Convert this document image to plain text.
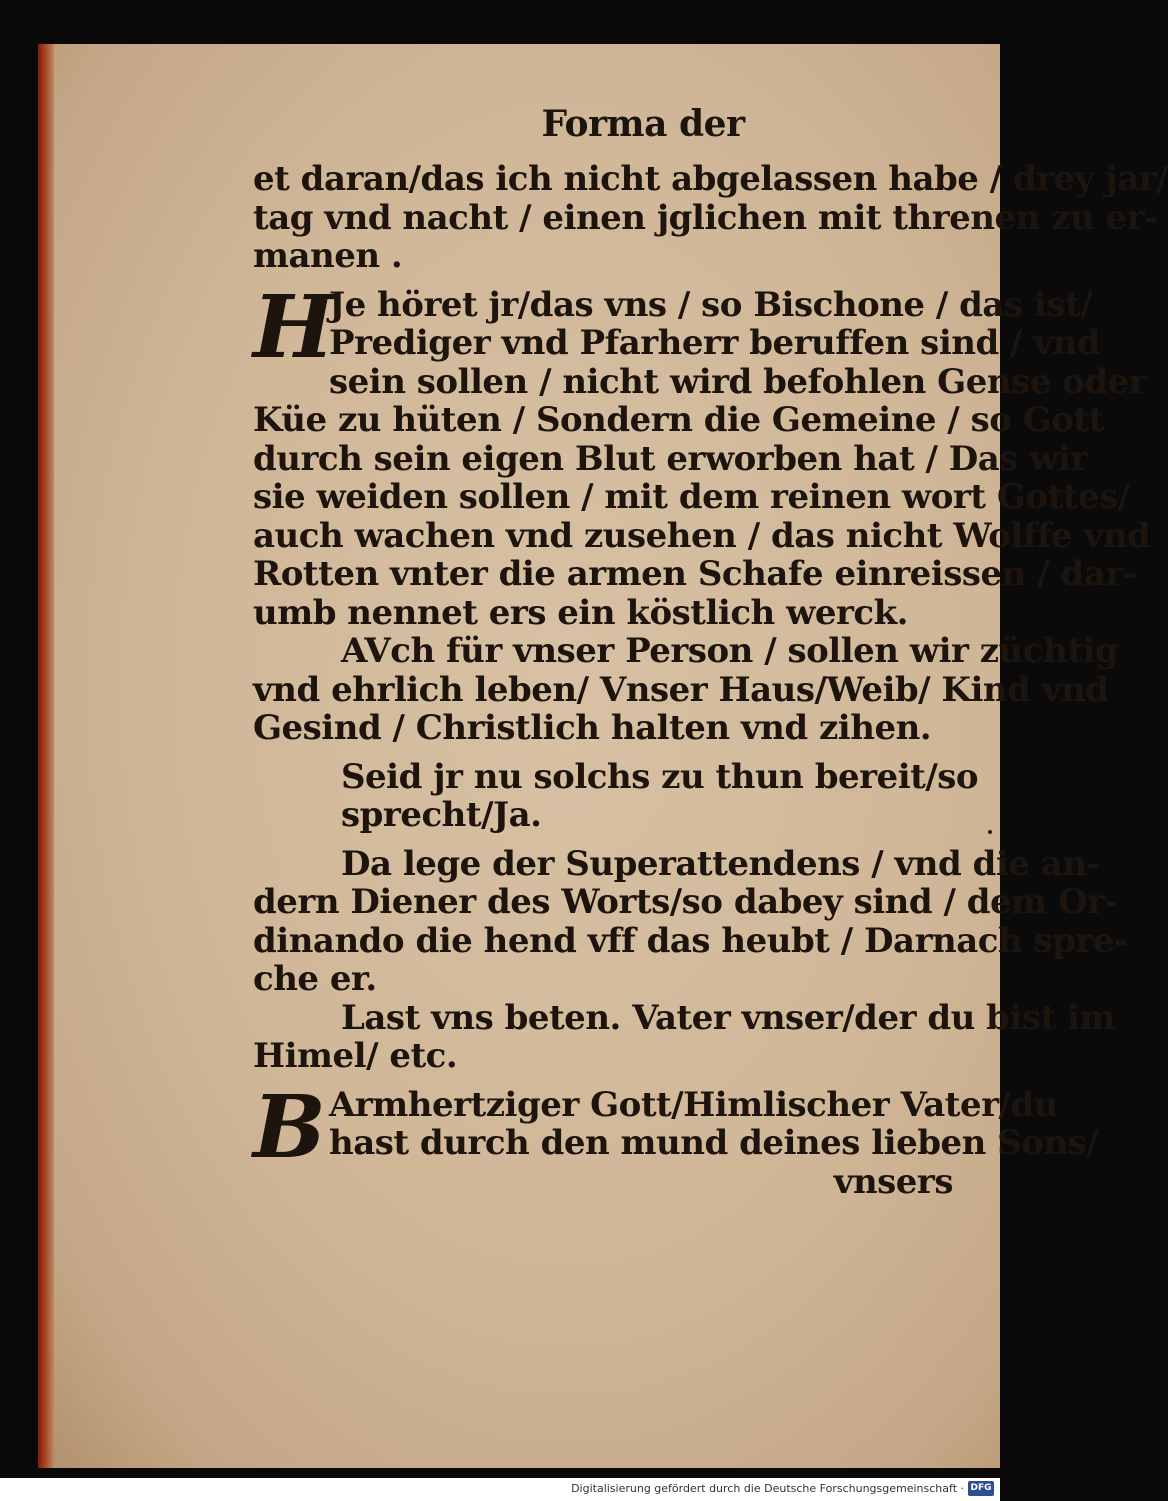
Forma der
et daran/das ich nicht abgelassen habe / drey jar/
tag vnd nacht / einen jglichen mit threnen zu er-
manen .
H
Je höret jr/das vns / so Bischone / das ist/
Prediger vnd Pfarherr beruffen sind / vnd
sein sollen / nicht wird befohlen Gense oder
Küe zu hüten / Sondern die Gemeine / so Gott
durch sein eigen Blut erworben hat / Das wir
sie weiden sollen / mit dem reinen wort Gottes/
auch wachen vnd zusehen / das nicht Wolffe vnd
Rotten vnter die armen Schafe einreissen / dar-
umb nennet ers ein köstlich werck.
AVch für vnser Person / sollen wir züchtig
vnd ehrlich leben/ Vnser Haus/Weib/ Kind vnd
Gesind / Christlich halten vnd zihen.
Seid jr nu solchs zu thun bereit/so
sprecht/Ja.
Da lege der Superattendens / vnd die an-
dern Diener des Worts/so dabey sind / dem Or-
dinando die hend vff das heubt / Darnach spre-
che er.
Last vns beten. Vater vnser/der du bist im
Himel/ etc.
B Armhertziger Gott/Himlischer Vater/du
hast durch den mund deines lieben Sons/
vnsers
Digitalisierung gefördert durch die Deutsche Forschungsgemeinschaft · DFG
